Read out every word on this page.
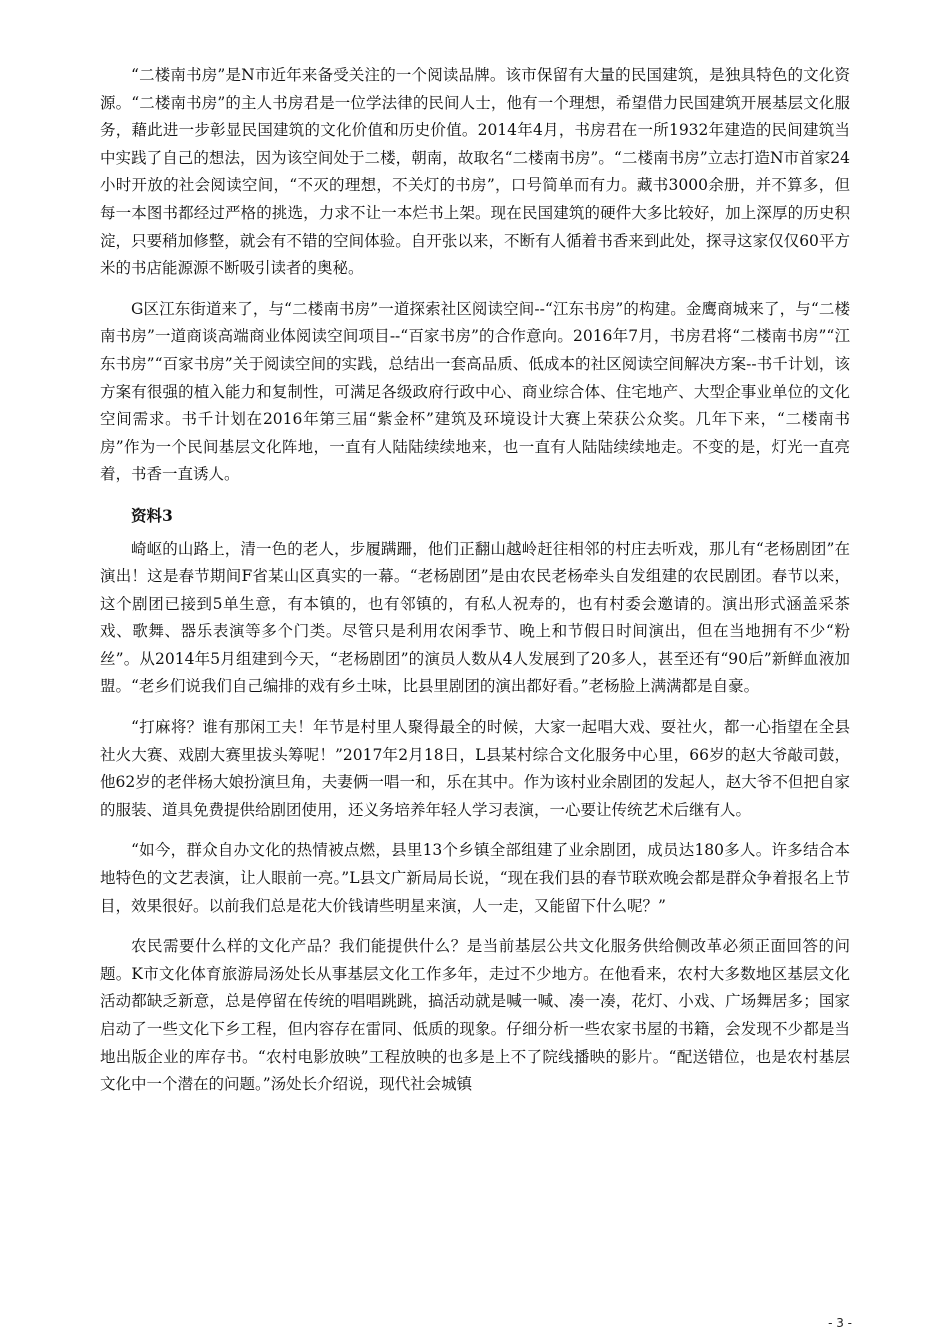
“二楼南书房”是N市近年来备受关注的一个阅读品牌。该市保留有大量的民国建筑，是独具特色的文化资源。“二楼南书房”的主人书房君是一位学法律的民间人士，他有一个理想，希望借力民国建筑开展基层文化服务，藉此进一步彰显民国建筑的文化价值和历史价值。2014年4月，书房君在一所1932年建造的民间建筑当中实践了自己的想法，因为该空间处于二楼，朝南，故取名“二楼南书房”。“二楼南书房”立志打造N市首家24小时开放的社会阅读空间，“不灭的理想，不关灯的书房”，口号简单而有力。藏书3000余册，并不算多，但每一本图书都经过严格的挑选，力求不让一本烂书上架。现在民国建筑的硬件大多比较好，加上深厚的历史积淀，只要稍加修整，就会有不错的空间体验。自开张以来，不断有人循着书香来到此处，探寻这家仅仅60平方米的书店能源源不断吸引读者的奥秘。

G区江东街道来了，与“二楼南书房”一道探索社区阅读空间--“江东书房”的构建。金鹰商城来了，与“二楼南书房”一道商谈高端商业体阅读空间项目--“百家书房”的合作意向。2016年7月，书房君将“二楼南书房”“江东书房”“百家书房”关于阅读空间的实践，总结出一套高品质、低成本的社区阅读空间解决方案--书千计划，该方案有很强的植入能力和复制性，可满足各级政府行政中心、商业综合体、住宅地产、大型企事业单位的文化空间需求。书千计划在2016年第三届“紫金杯”建筑及环境设计大赛上荣获公众奖。几年下来，“二楼南书房”作为一个民间基层文化阵地，一直有人陆陆续续地来，也一直有人陆陆续续地走。不变的是，灯光一直亮着，书香一直诱人。

资料3

崎岖的山路上，清一色的老人，步履蹒跚，他们正翻山越岭赶往相邻的村庄去听戏，那儿有“老杨剧团”在演出！这是春节期间F省某山区真实的一幕。“老杨剧团”是由农民老杨牵头自发组建的农民剧团。春节以来，这个剧团已接到5单生意，有本镇的，也有邻镇的，有私人祝寿的，也有村委会邀请的。演出形式涵盖采茶戏、歌舞、器乐表演等多个门类。尽管只是利用农闲季节、晚上和节假日时间演出，但在当地拥有不少“粉丝”。从2014年5月组建到今天，“老杨剧团”的演员人数从4人发展到了20多人，甚至还有“90后”新鲜血液加盟。“老乡们说我们自己编排的戏有乡土味，比县里剧团的演出都好看。”老杨脸上满满都是自豪。

“打麻将？谁有那闲工夫！年节是村里人聚得最全的时候，大家一起唱大戏、耍社火，都一心指望在全县社火大赛、戏剧大赛里拔头筹呢！”2017年2月18日，L县某村综合文化服务中心里，66岁的赵大爷敲司鼓，他62岁的老伴杨大娘扮演旦角，夫妻俩一唱一和，乐在其中。作为该村业余剧团的发起人，赵大爷不但把自家的服装、道具免费提供给剧团使用，还义务培养年轻人学习表演，一心要让传统艺术后继有人。

“如今，群众自办文化的热情被点燃，县里13个乡镇全部组建了业余剧团，成员达180多人。许多结合本地特色的文艺表演，让人眼前一亮。”L县文广新局局长说，“现在我们县的春节联欢晚会都是群众争着报名上节目，效果很好。以前我们总是花大价钱请些明星来演，人一走，又能留下什么呢？”

农民需要什么样的文化产品？我们能提供什么？是当前基层公共文化服务供给侧改革必须正面回答的问题。K市文化体育旅游局汤处长从事基层文化工作多年，走过不少地方。在他看来，农村大多数地区基层文化活动都缺乏新意，总是停留在传统的唱唱跳跳，搞活动就是喊一喊、凑一凑，花灯、小戏、广场舞居多；国家启动了一些文化下乡工程，但内容存在雷同、低质的现象。仔细分析一些农家书屋的书籍，会发现不少都是当地出版企业的库存书。“农村电影放映”工程放映的也多是上不了院线播映的影片。“配送错位，也是农村基层文化中一个潜在的问题。”汤处长介绍说，现代社会城镇

- 3 -
